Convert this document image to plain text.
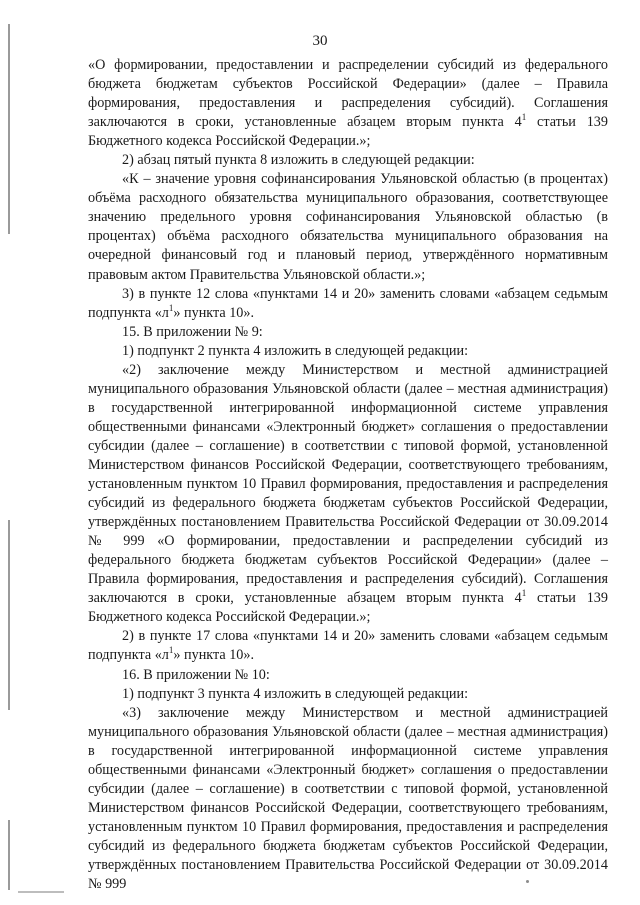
30

«О формировании, предоставлении и распределении субсидий из федерального бюджета бюджетам субъектов Российской Федерации» (далее – Правила формирования, предоставления и распределения субсидий). Соглашения заключаются в сроки, установленные абзацем вторым пункта $4^1$ статьи 139 Бюджетного кодекса Российской Федерации.»;

2) абзац пятый пункта 8 изложить в следующей редакции:

«К – значение уровня софинансирования Ульяновской областью (в процентах) объёма расходного обязательства муниципального образования, соответствующее значению предельного уровня софинансирования Ульяновской областью (в процентах) объёма расходного обязательства муниципального образования на очередной финансовый год и плановый период, утверждённого нормативным правовым актом Правительства Ульяновской области.»;

3) в пункте 12 слова «пунктами 14 и 20» заменить словами «абзацем седьмым подпункта «$л^1$» пункта 10».

15. В приложении № 9:

1) подпункт 2 пункта 4 изложить в следующей редакции:

«2) заключение между Министерством и местной администрацией муниципального образования Ульяновской области (далее – местная администрация) в государственной интегрированной информационной системе управления общественными финансами «Электронный бюджет» соглашения о предоставлении субсидии (далее – соглашение) в соответствии с типовой формой, установленной Министерством финансов Российской Федерации, соответствующего требованиям, установленным пунктом 10 Правил формирования, предоставления и распределения субсидий из федерального бюджета бюджетам субъектов Российской Федерации, утверждённых постановлением Правительства Российской Федерации от 30.09.2014 № 999 «О формировании, предоставлении и распределении субсидий из федерального бюджета бюджетам субъектов Российской Федерации» (далее – Правила формирования, предоставления и распределения субсидий). Соглашения заключаются в сроки, установленные абзацем вторым пункта $4^1$ статьи 139 Бюджетного кодекса Российской Федерации.»;

2) в пункте 17 слова «пунктами 14 и 20» заменить словами «абзацем седьмым подпункта «$л^1$» пункта 10».

16. В приложении № 10:

1) подпункт 3 пункта 4 изложить в следующей редакции:

«3) заключение между Министерством и местной администрацией муниципального образования Ульяновской области (далее – местная администрация) в государственной интегрированной информационной системе управления общественными финансами «Электронный бюджет» соглашения о предоставлении субсидии (далее – соглашение) в соответствии с типовой формой, установленной Министерством финансов Российской Федерации, соответствующего требованиям, установленным пунктом 10 Правил формирования, предоставления и распределения субсидий из федерального бюджета бюджетам субъектов Российской Федерации, утверждённых постановлением Правительства Российской Федерации от 30.09.2014 № 999
